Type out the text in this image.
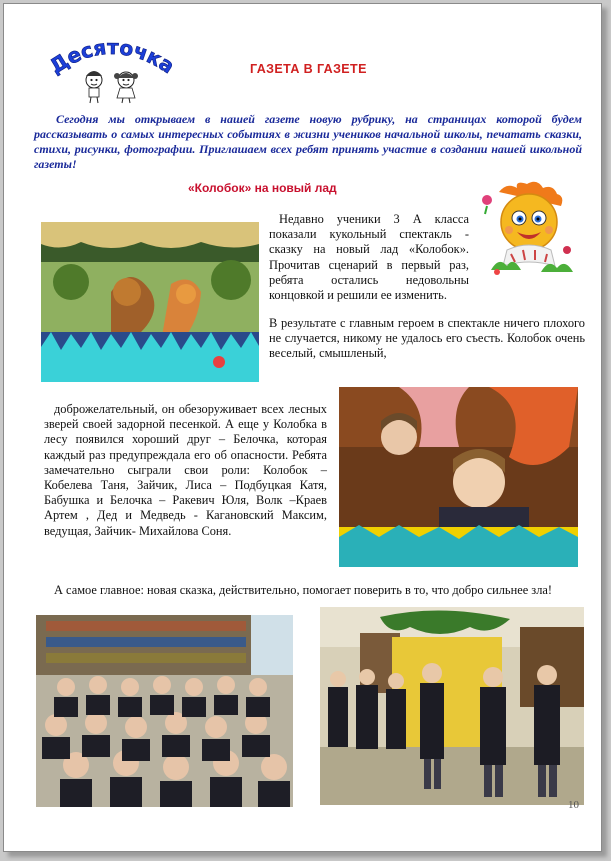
Десяточка	ГАЗЕТА В ГАЗЕТЕ
Сегодня мы открываем в нашей газете новую рубрику, на страницах которой будем рассказывать о самых интересных событиях в жизни учеников начальной школы, печатать сказки, стихи, рисунки, фотографии. Приглашаем всех ребят принять участие в создании нашей школьной газеты!
«Колобок» на новый лад
Недавно ученики 3 А класса показали кукольный спектакль - сказку на новый лад «Колобок». Прочитав сценарий в первый раз, ребята остались недовольны концовкой и решили ее изменить.
В результате с главным героем в спектакле ничего плохого не случается, никому не удалось его съесть. Колобок очень веселый, смышленый,
доброжелательный, он обезоруживает всех лесных зверей своей задорной песенкой. А еще у Колобка в лесу появился хороший друг – Белочка, которая каждый раз предупреждала его об опасности. Ребята замечательно сыграли свои роли: Колобок – Кобелева Таня, Зайчик, Лиса – Подбуцкая Катя, Бабушка и Белочка – Ракевич Юля, Волк –Краев Артем , Дед и Медведь - Кагановский Максим, ведущая, Зайчик- Михайлова Соня.
А самое главное: новая сказка, действительно, помогает поверить в то, что добро сильнее зла!
10
